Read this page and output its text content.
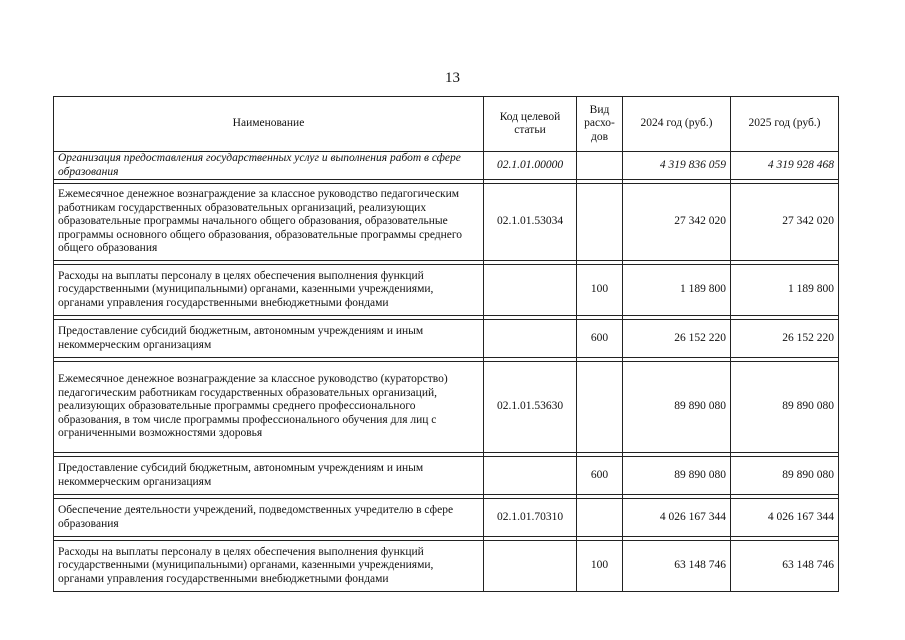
13
Наименование	Код целевой статьи	Вид расхо-дов	2024 год (руб.)	2025 год (руб.)
Организация предоставления государственных услуг и выполнения работ в сфере образования	02.1.01.00000		4 319 836 059	4 319 928 468

Ежемесячное денежное вознаграждение за классное руководство педагогическим работникам государственных образовательных организаций, реализующих образовательные программы начального общего образования, образовательные программы основного общего образования, образовательные программы среднего общего образования	02.1.01.53034		27 342 020	27 342 020

Расходы на выплаты персоналу в целях обеспечения выполнения функций государственными (муниципальными) органами, казенными учреждениями, органами управления государственными внебюджетными фондами		100	1 189 800	1 189 800

Предоставление субсидий бюджетным, автономным учреждениям и иным некоммерческим организациям		600	26 152 220	26 152 220

Ежемесячное денежное вознаграждение за классное руководство (кураторство) педагогическим работникам государственных образовательных организаций, реализующих образовательные программы среднего профессионального образования, в том числе программы профессионального обучения для лиц с ограниченными возможностями здоровья	02.1.01.53630		89 890 080	89 890 080

Предоставление субсидий бюджетным, автономным учреждениям и иным некоммерческим организациям		600	89 890 080	89 890 080

Обеспечение деятельности учреждений, подведомственных учредителю в сфере образования	02.1.01.70310		4 026 167 344	4 026 167 344

Расходы на выплаты персоналу в целях обеспечения выполнения функций государственными (муниципальными) органами, казенными учреждениями, органами управления государственными внебюджетными фондами		100	63 148 746	63 148 746
